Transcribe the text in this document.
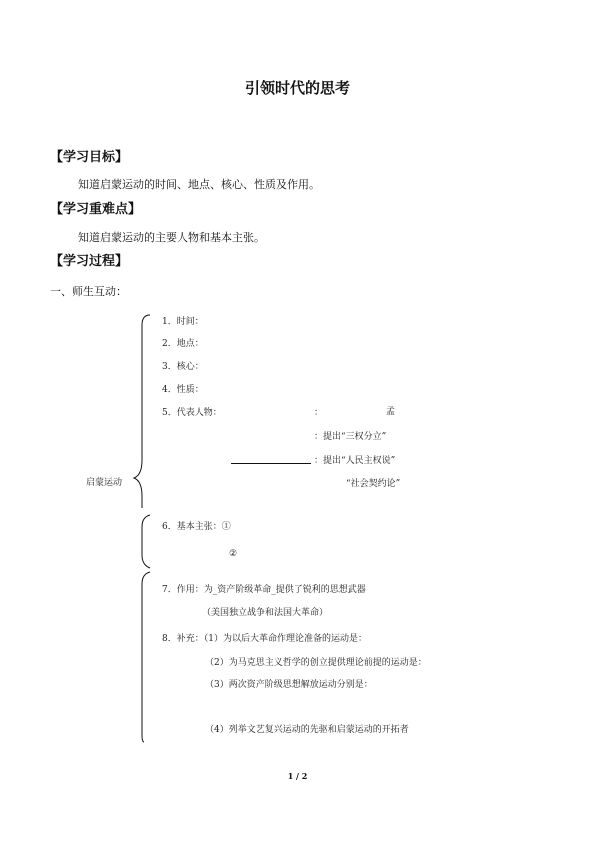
引领时代的思考
【学习目标】
知道启蒙运动的时间、地点、核心、性质及作用。
【学习重难点】
知道启蒙运动的主要人物和基本主张。
【学习过程】
一、师生互动：
启蒙运动
1．时间：
2．地点：
3．核心：
4．性质：
5．代表人物：	：	孟
：提出“三权分立”
：提出“人民主权说”
“社会契约论”
6．基本主张：①
②
7．作用：为_资产阶级革命_提供了锐利的思想武器
（美国独立战争和法国大革命）
8．补充：（1）为以后大革命作理论准备的运动是：
（2）为马克思主义哲学的创立提供理论前提的运动是：
（3）两次资产阶级思想解放运动分别是：
（4）列举文艺复兴运动的先驱和启蒙运动的开拓者
1 / 2
